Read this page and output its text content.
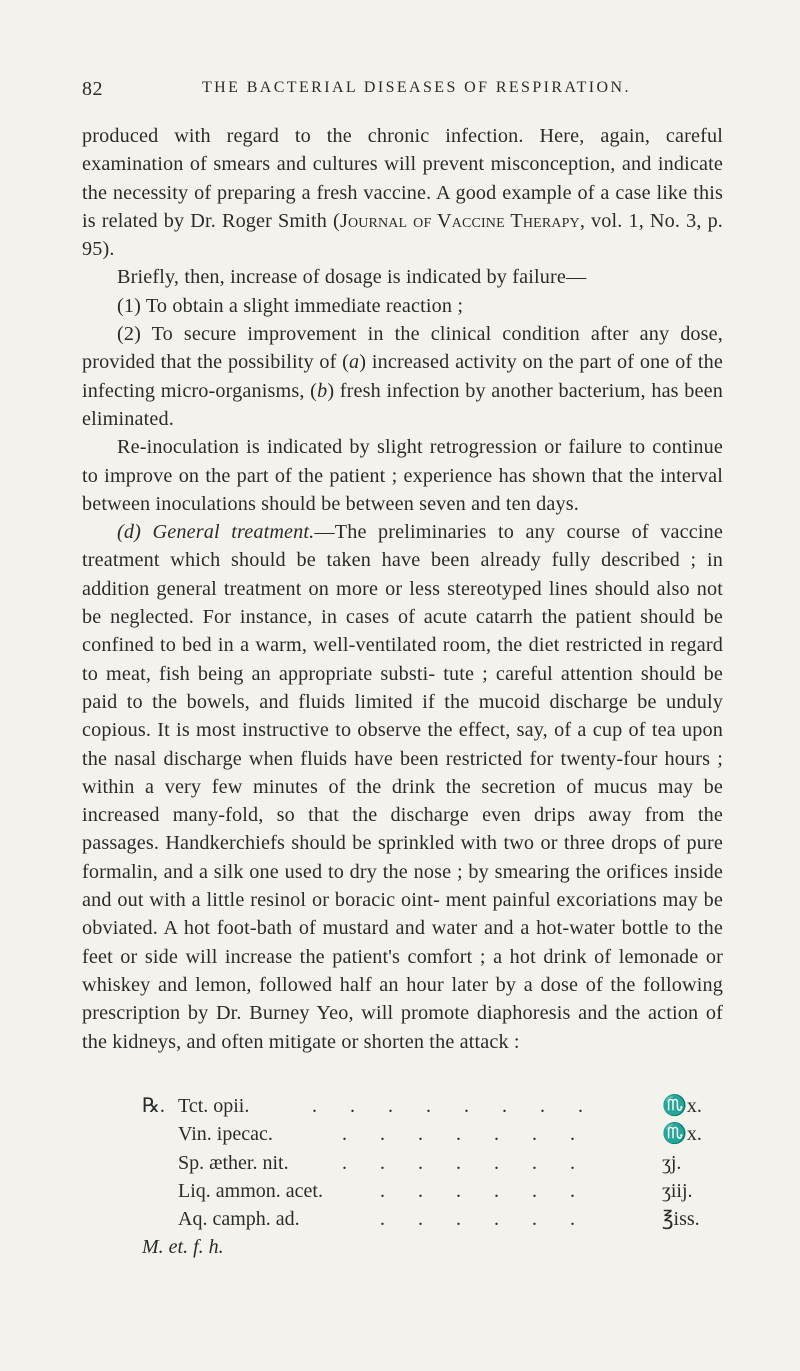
82	THE BACTERIAL DISEASES OF RESPIRATION.

produced with regard to the chronic infection. Here, again, careful examination of smears and cultures will prevent misconception, and indicate the necessity of preparing a fresh vaccine. A good example of a case like this is related by Dr. Roger Smith (Journal of Vaccine Therapy, vol. 1, No. 3, p. 95).

Briefly, then, increase of dosage is indicated by failure—

(1) To obtain a slight immediate reaction ;

(2) To secure improvement in the clinical condition after any dose, provided that the possibility of (a) increased activity on the part of one of the infecting micro-organisms, (b) fresh infection by another bacterium, has been eliminated.

Re-inoculation is indicated by slight retrogression or failure to continue to improve on the part of the patient ; experience has shown that the interval between inoculations should be between seven and ten days.

(d) General treatment.—The preliminaries to any course of vaccine treatment which should be taken have been already fully described ; in addition general treatment on more or less stereotyped lines should also not be neglected. For instance, in cases of acute catarrh the patient should be confined to bed in a warm, well-ventilated room, the diet restricted in regard to meat, fish being an appropriate substi- tute ; careful attention should be paid to the bowels, and fluids limited if the mucoid discharge be unduly copious. It is most instructive to observe the effect, say, of a cup of tea upon the nasal discharge when fluids have been restricted for twenty-four hours ; within a very few minutes of the drink the secretion of mucus may be increased many-fold, so that the discharge even drips away from the passages. Handkerchiefs should be sprinkled with two or three drops of pure formalin, and a silk one used to dry the nose ; by smearing the orifices inside and out with a little resinol or boracic oint- ment painful excoriations may be obviated. A hot foot-bath of mustard and water and a hot-water bottle to the feet or side will increase the patient's comfort ; a hot drink of lemonade or whiskey and lemon, followed half an hour later by a dose of the following prescription by Dr. Burney Yeo, will promote diaphoresis and the action of the kidneys, and often mitigate or shorten the attack :

℞. Tct. opii.	. . . . . . . .	♏x.
Vin. ipecac.	. . . . . . .	♏x.
Sp. æther. nit.	. . . . . . .	ʒj.
Liq. ammon. acet.	. . . . . .	ʒiij.
Aq. camph. ad.	. . . . . .	℥iss.
M. et. f. h.
